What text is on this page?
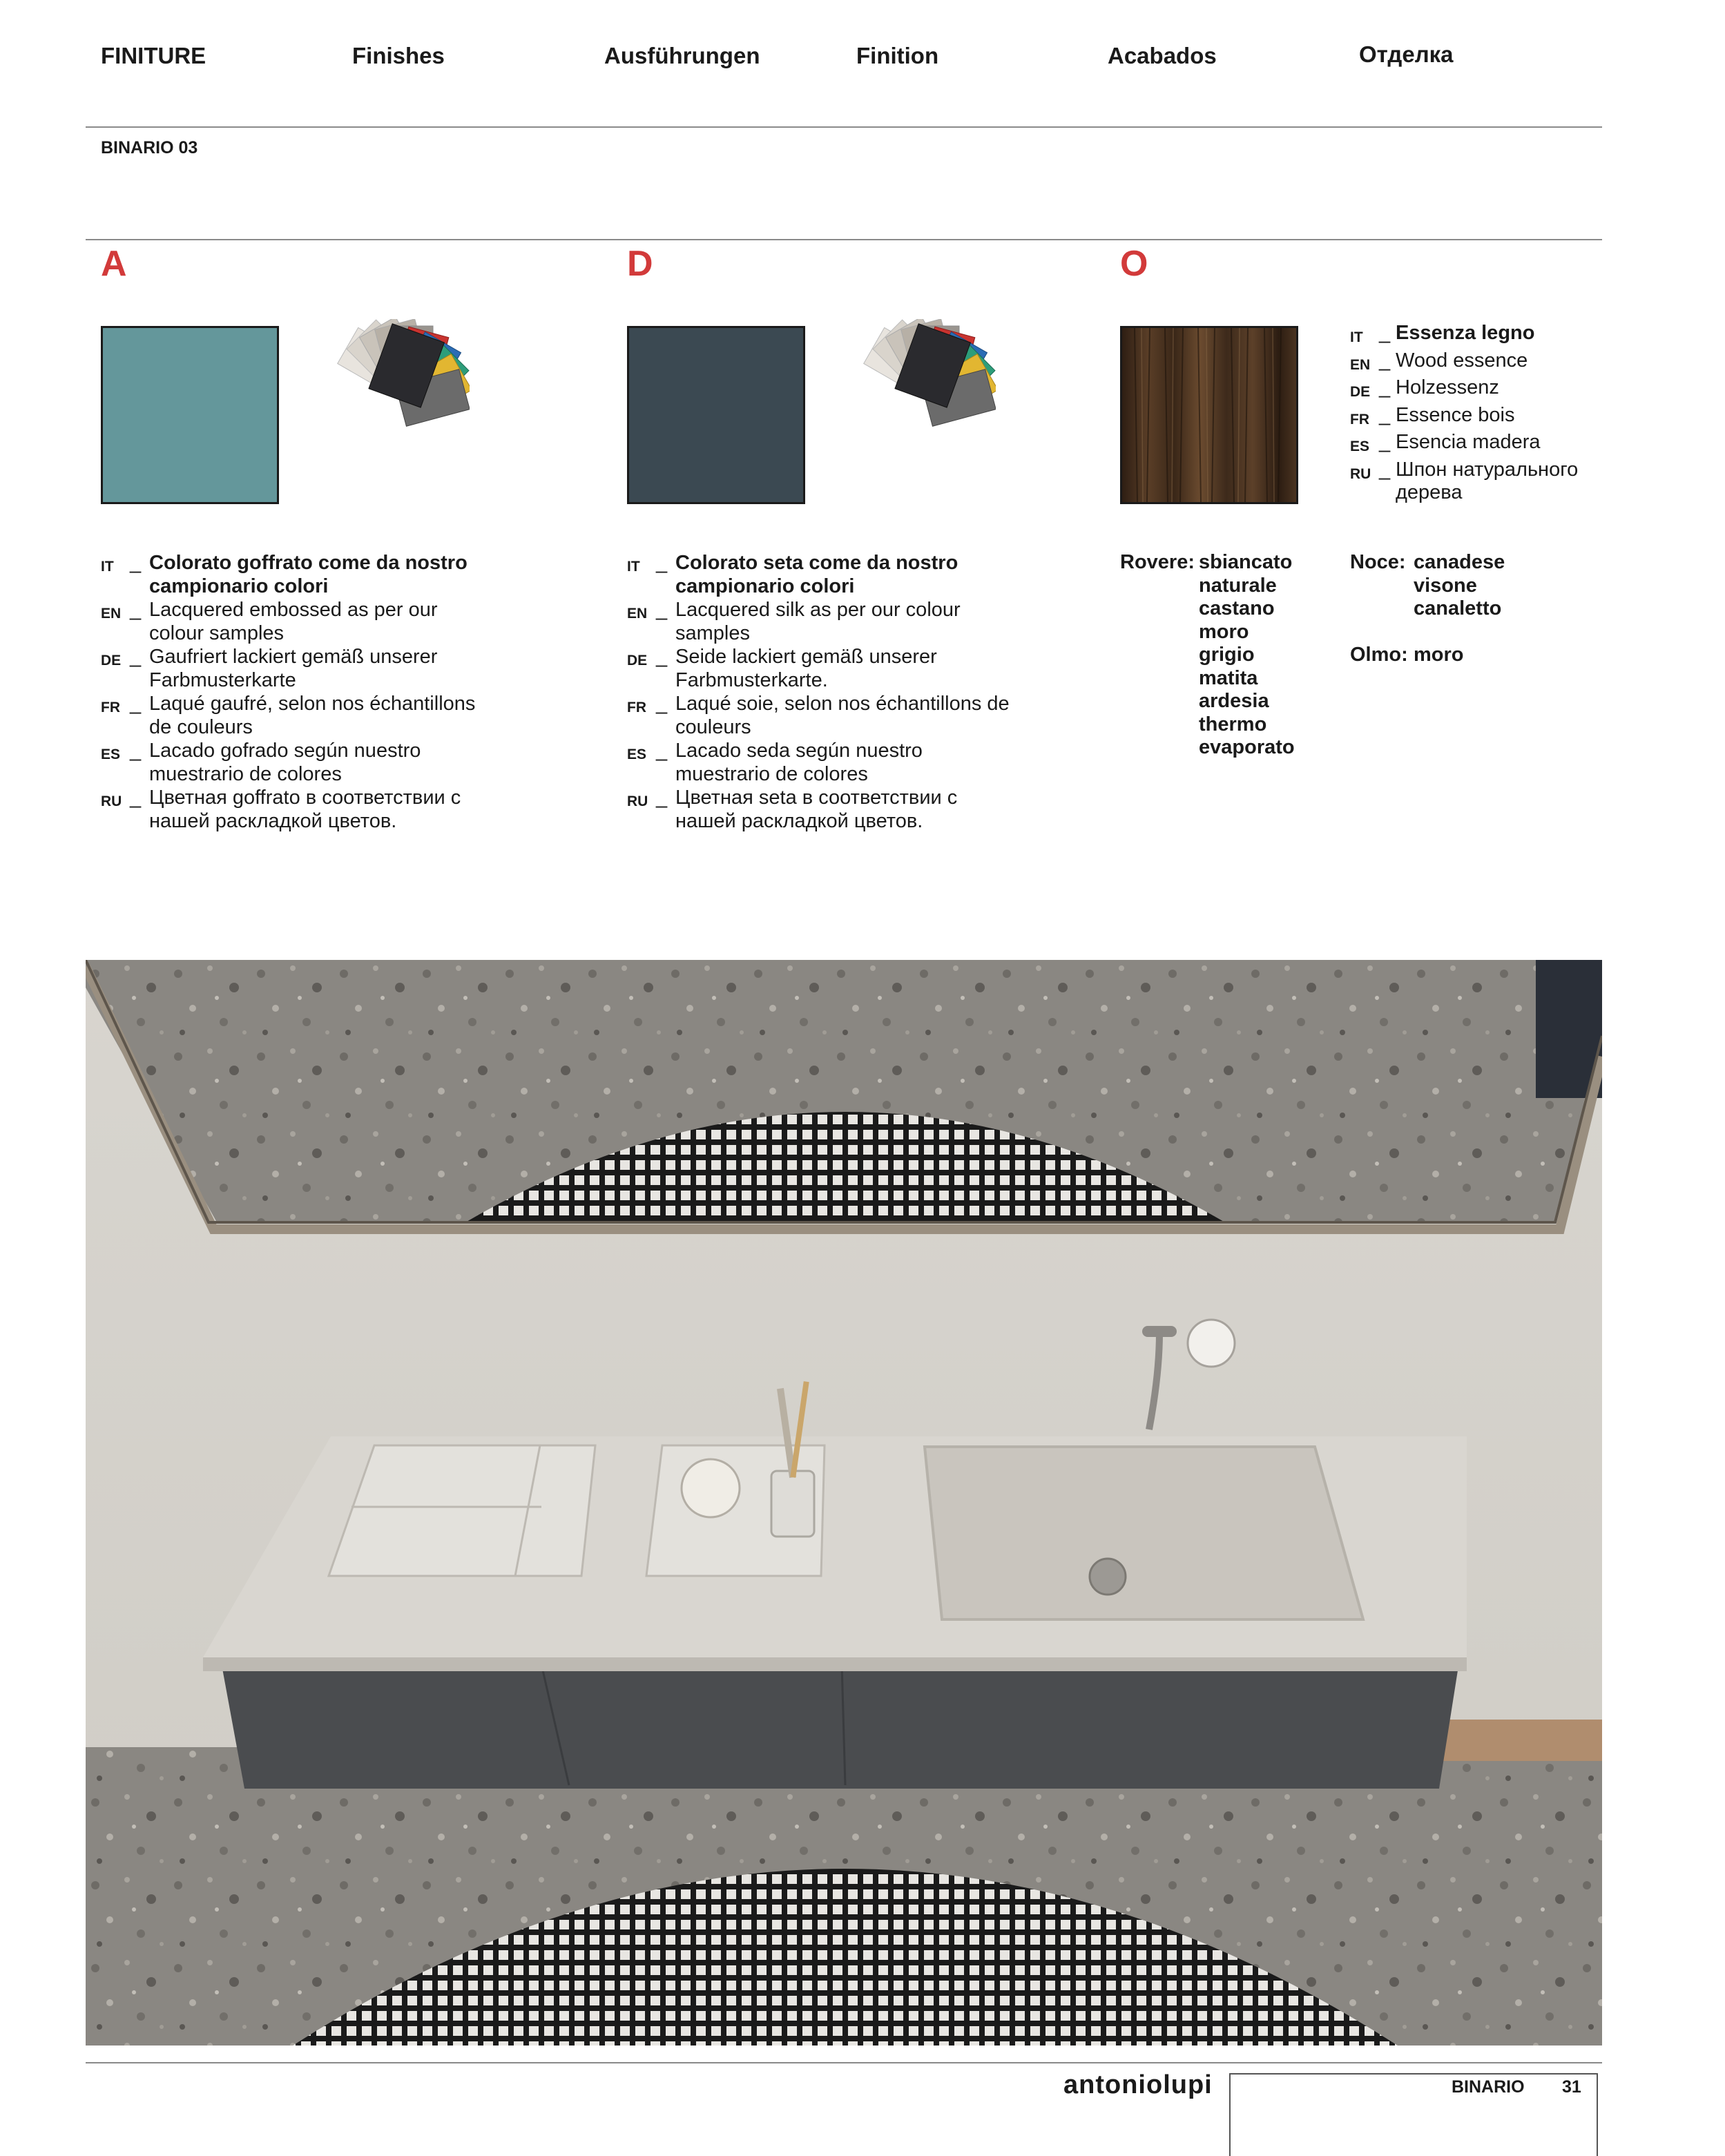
FINITURE	Finishes	Ausführungen	Finition	Acabados	Отделка
BINARIO 03
A
IT _ Colorato goffrato come da nostro campionario colori
EN _ Lacquered embossed as per our colour samples
DE _ Gaufriert lackiert gemäß unserer Farbmusterkarte
FR _ Laqué gaufré, selon nos échantillons de couleurs
ES _ Lacado gofrado según nuestro muestrario de colores
RU _ Цветная goffrato в соответствии с нашей раскладкой цветов.
D
IT _ Colorato seta come da nostro campionario colori
EN _ Lacquered silk as per our colour samples
DE _ Seide lackiert gemäß unserer Farbmusterkarte.
FR _ Laqué soie, selon nos échantillons de couleurs
ES _ Lacado seda según nuestro muestrario de colores
RU _ Цветная seta в соответствии с нашей раскладкой цветов.
O
IT _ Essenza legno
EN _ Wood essence
DE _ Holzessenz
FR _ Essence bois
ES _ Esencia madera
RU _ Шпон натурального дерева
Rovere: sbiancato
naturale
castano
moro
grigio
matita
ardesia
thermo
evaporato
Noce: canadese
visone
canaletto
Olmo: moro
antoniolupi	BINARIO 31
